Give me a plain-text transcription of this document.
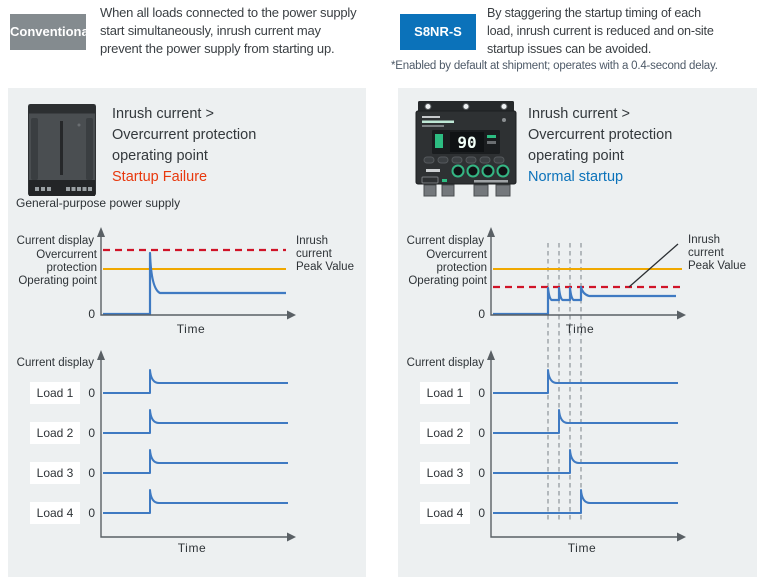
Conventional
When all loads connected to the power supply
start simultaneously, inrush current may
prevent the power supply from starting up.
S8NR-S
By staggering the startup timing of each
load, inrush current is reduced and on-site
startup issues can be avoided.
*Enabled by default at shipment; operates with a 0.4-second delay.
Inrush current >
Overcurrent protection
operating point
Startup Failure
General-purpose power supply
Current display
Overcurrent
protection
Operating point
0
Time
Inrush
current
Peak Value
Current display
Load 1
Load 2
Load 3
Load 4
0
0
0
0
Time
90
Inrush current >
Overcurrent protection
operating point
Normal startup
Current display
Overcurrent
protection
Operating point
0
Time
Inrush
current
Peak Value
Current display
Load 1
Load 2
Load 3
Load 4
0
0
0
0
Time
